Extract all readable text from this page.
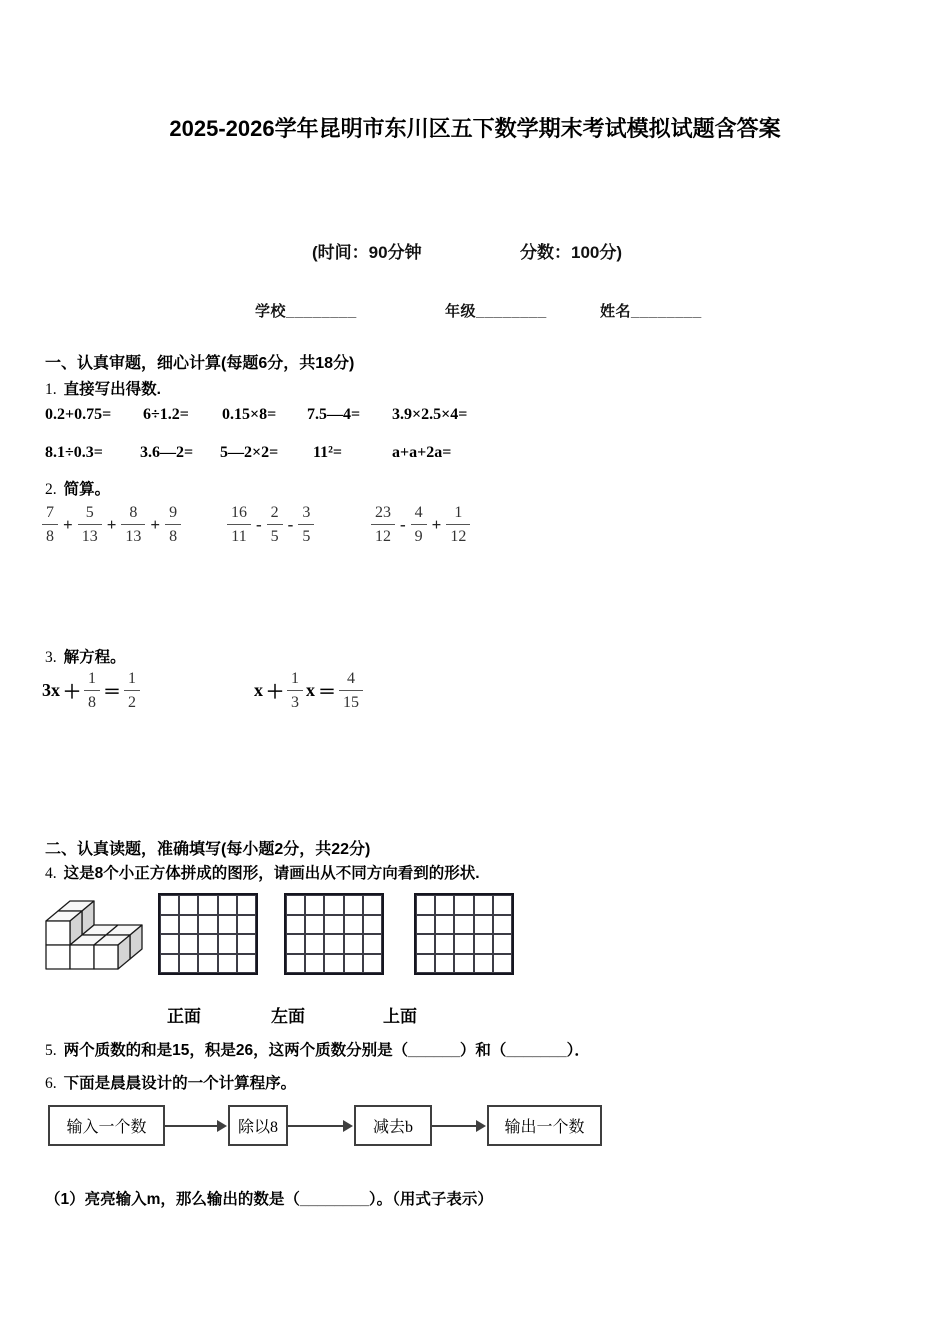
2025-2026学年昆明市东川区五下数学期末考试模拟试题含答案
(时间：90分钟	分数：100分)
学校________	年级________	姓名________
一、认真审题，细心计算(每题6分，共18分)
1. 直接写出得数.
0.2+0.75= 6÷1.2= 0.15×8= 7.5—4= 3.9×2.5×4=
8.1÷0.3= 3.6—2= 5—2×2= 11²=	a+a+2a=
2. 简算。
$\frac{7}{8} + \frac{5}{13} + \frac{8}{13} + \frac{9}{8}$	$\frac{16}{11} - \frac{2}{5} - \frac{3}{5}$	$\frac{23}{12} - \frac{4}{9} + \frac{1}{12}$
3. 解方程。
$3x + \frac{1}{8} = \frac{1}{2}$	$x + \frac{1}{3}$ $x = \frac{4}{15}$
二、认真读题，准确填写(每小题2分，共22分)
4. 这是8个小正方体拼成的图形，请画出从不同方向看到的形状.
正面	左面	上面
5. 两个质数的和是15，积是26，这两个质数分别是（______）和（_______）．
6. 下面是晨晨设计的一个计算程序。
输入一个数	除以8	减去b	输出一个数
（1）亮亮输入m，那么输出的数是（________）。（用式子表示）
